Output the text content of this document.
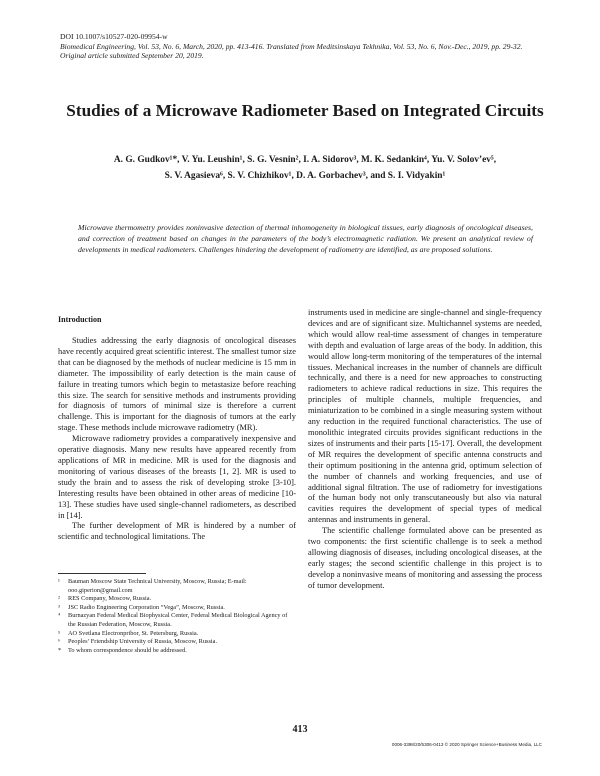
DOI 10.1007/s10527-020-09954-w
Biomedical Engineering, Vol. 53, No. 6, March, 2020, pp. 413-416. Translated from Meditsinskaya Tekhnika, Vol. 53, No. 6, Nov.-Dec., 2019, pp. 29-32.
Original article submitted September 20, 2019.
Studies of a Microwave Radiometer Based on Integrated Circuits
A. G. Gudkov¹*, V. Yu. Leushin¹, S. G. Vesnin², I. A. Sidorov³, M. K. Sedankin⁴, Yu. V. Solov’ev⁵,
S. V. Agasieva⁶, S. V. Chizhikov¹, D. A. Gorbachev³, and S. I. Vidyakin¹
Microwave thermometry provides noninvasive detection of thermal inhomogeneity in biological tissues, early diagnosis of oncological diseases, and correction of treatment based on changes in the parameters of the body’s electromagnetic radiation. We present an analytical review of developments in medical radiometers. Challenges hindering the development of radiometry are identified, as are proposed solutions.
Introduction

Studies addressing the early diagnosis of oncological diseases have recently acquired great scientific interest. The smallest tumor size that can be diagnosed by the methods of nuclear medicine is 15 mm in diameter. The impossibility of early detection is the main cause of failure in treating tumors which begin to metastasize before reaching this size. The search for sensitive methods and instruments providing for diagnosis of tumors of minimal size is therefore a current challenge. This is important for the diagnosis of tumors at the early stage. These methods include microwave radiometry (MR).

Microwave radiometry provides a comparatively inexpensive and operative diagnosis. Many new results have appeared recently from applications of MR in medicine. MR is used for the diagnosis and monitoring of various diseases of the breasts [1, 2]. MR is used to study the brain and to assess the risk of developing stroke [3-10]. Interesting results have been obtained in other areas of medicine [10-13]. These studies have used single-channel radiometers, as described in [14].

The further development of MR is hindered by a number of scientific and technological limitations. The

instruments used in medicine are single-channel and single-frequency devices and are of significant size. Multichannel systems are needed, which would allow real-time assessment of changes in temperature with depth and evaluation of large areas of the body. In addition, this would allow long-term monitoring of the temperatures of the internal tissues. Mechanical increases in the number of channels are difficult technically, and there is a need for new approaches to constructing radiometers to achieve radical reductions in size. This requires the principles of multiple channels, multiple frequencies, and miniaturization to be combined in a single measuring system without any reduction in the required functional characteristics. The use of monolithic integrated circuits provides significant reductions in the sizes of instruments and their parts [15-17]. Overall, the development of MR requires the development of specific antenna constructs and their optimum positioning in the antenna grid, optimum selection of the number of channels and working frequencies, and use of additional signal filtration. The use of radiometry for investigations of the human body not only transcutaneously but also via natural cavities requires the development of special types of medical antennas and instruments in general.

The scientific challenge formulated above can be presented as two components: the first scientific challenge is to seek a method allowing diagnosis of diseases, including oncological diseases, at the early stages; the second scientific challenge in this project is to develop a noninvasive means of monitoring and assessing the process of tumor development.

¹	Bauman Moscow State Technical University, Moscow, Russia; E-mail: ooo.giperion@gmail.com
²	RES Company, Moscow, Russia.
³	JSC Radio Engineering Corporation “Vega”, Moscow, Russia.
⁴	Burnazyan Federal Medical Biophysical Center, Federal Medical Biological Agency of the Russian Federation, Moscow, Russia.
⁵	AO Svetlana Electronpribor, St. Petersburg, Russia.
⁶	Peoples’ Friendship University of Russia, Moscow, Russia.
*	To whom correspondence should be addressed.
413
0006-3398/20/5306-0413 © 2020 Springer Science+Business Media, LLC
